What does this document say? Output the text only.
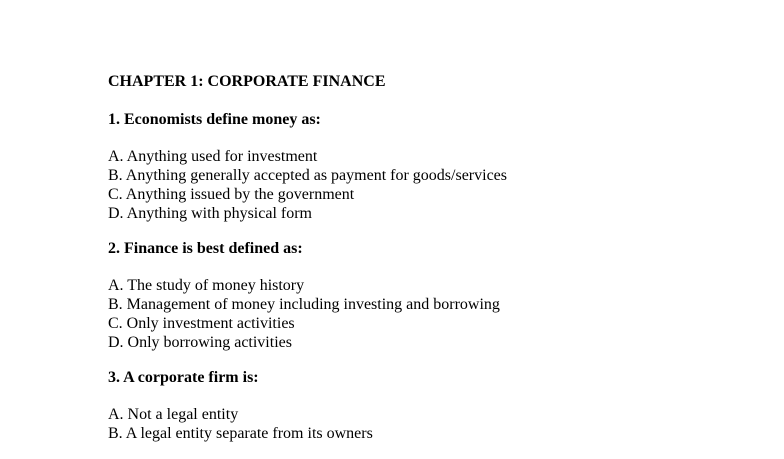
CHAPTER 1: CORPORATE FINANCE
1. Economists define money as:
A. Anything used for investment
B. Anything generally accepted as payment for goods/services
C. Anything issued by the government
D. Anything with physical form
2. Finance is best defined as:
A. The study of money history
B. Management of money including investing and borrowing
C. Only investment activities
D. Only borrowing activities
3. A corporate firm is:
A. Not a legal entity
B. A legal entity separate from its owners
